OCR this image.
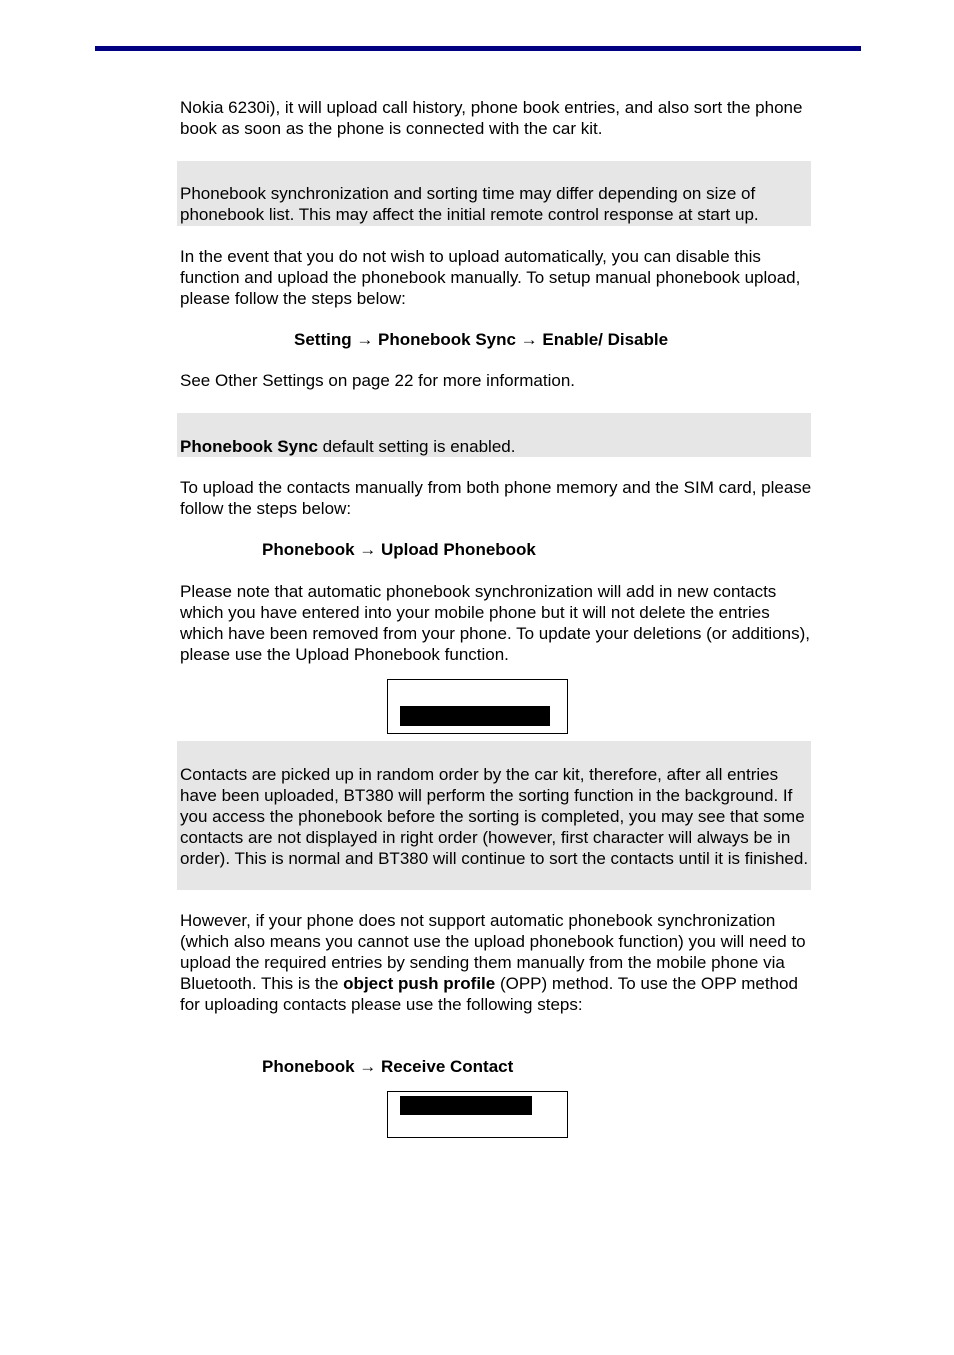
Nokia 6230i), it will upload call history, phone book entries, and also sort the phone book as soon as the phone is connected with the car kit.

Phonebook synchronization and sorting time may differ depending on size of phonebook list. This may affect the initial remote control response at start up.

In the event that you do not wish to upload automatically, you can disable this function and upload the phonebook manually. To setup manual phonebook upload, please follow the steps below:

Setting → Phonebook Sync → Enable/ Disable

See Other Settings on page 22 for more information.

Phonebook Sync default setting is enabled.

To upload the contacts manually from both phone memory and the SIM card, please follow the steps below:

Phonebook → Upload Phonebook

Please note that automatic phonebook synchronization will add in new contacts which you have entered into your mobile phone but it will not delete the entries which have been removed from your phone. To update your deletions (or additions), please use the Upload Phonebook function.

Contacts are picked up in random order by the car kit, therefore, after all entries have been uploaded, BT380 will perform the sorting function in the background. If you access the phonebook before the sorting is completed, you may see that some contacts are not displayed in right order (however, first character will always be in order). This is normal and BT380 will continue to sort the contacts until it is finished.

However, if your phone does not support automatic phonebook synchronization (which also means you cannot use the upload phonebook function) you will need to upload the required entries by sending them manually from the mobile phone via Bluetooth. This is the object push profile (OPP) method. To use the OPP method for uploading contacts please use the following steps:

Phonebook → Receive Contact
